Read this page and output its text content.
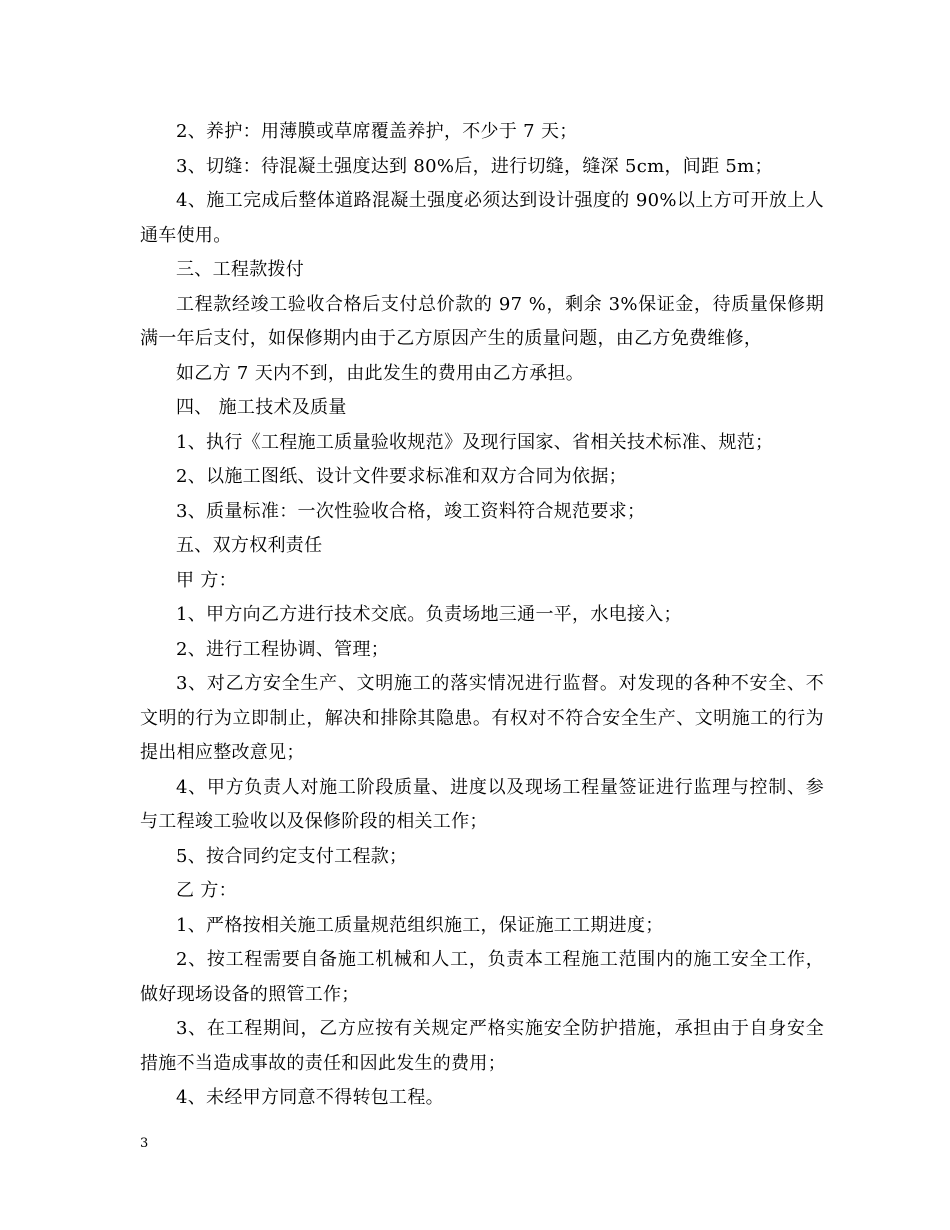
2、养护：用薄膜或草席覆盖养护，不少于 7 天；

3、切缝：待混凝土强度达到 80%后，进行切缝，缝深 5cm，间距 5m；

4、施工完成后整体道路混凝土强度必须达到设计强度的 90%以上方可开放上人通车使用。

三、工程款拨付

工程款经竣工验收合格后支付总价款的 97 %，剩余 3%保证金，待质量保修期满一年后支付，如保修期内由于乙方原因产生的质量问题，由乙方免费维修，

如乙方 7 天内不到，由此发生的费用由乙方承担。

四、 施工技术及质量

1、执行《工程施工质量验收规范》及现行国家、省相关技术标准、规范；

2、以施工图纸、设计文件要求标准和双方合同为依据；

3、质量标准：一次性验收合格，竣工资料符合规范要求；

五、双方权利责任

甲 方：

1、甲方向乙方进行技术交底。负责场地三通一平，水电接入；

2、进行工程协调、管理；

3、对乙方安全生产、文明施工的落实情况进行监督。对发现的各种不安全、不文明的行为立即制止，解决和排除其隐患。有权对不符合安全生产、文明施工的行为提出相应整改意见；

4、甲方负责人对施工阶段质量、进度以及现场工程量签证进行监理与控制、参与工程竣工验收以及保修阶段的相关工作；

5、按合同约定支付工程款；

乙 方：

1、严格按相关施工质量规范组织施工，保证施工工期进度；

2、按工程需要自备施工机械和人工，负责本工程施工范围内的施工安全工作，做好现场设备的照管工作；

3、在工程期间，乙方应按有关规定严格实施安全防护措施，承担由于自身安全措施不当造成事故的责任和因此发生的费用；

4、未经甲方同意不得转包工程。

3
